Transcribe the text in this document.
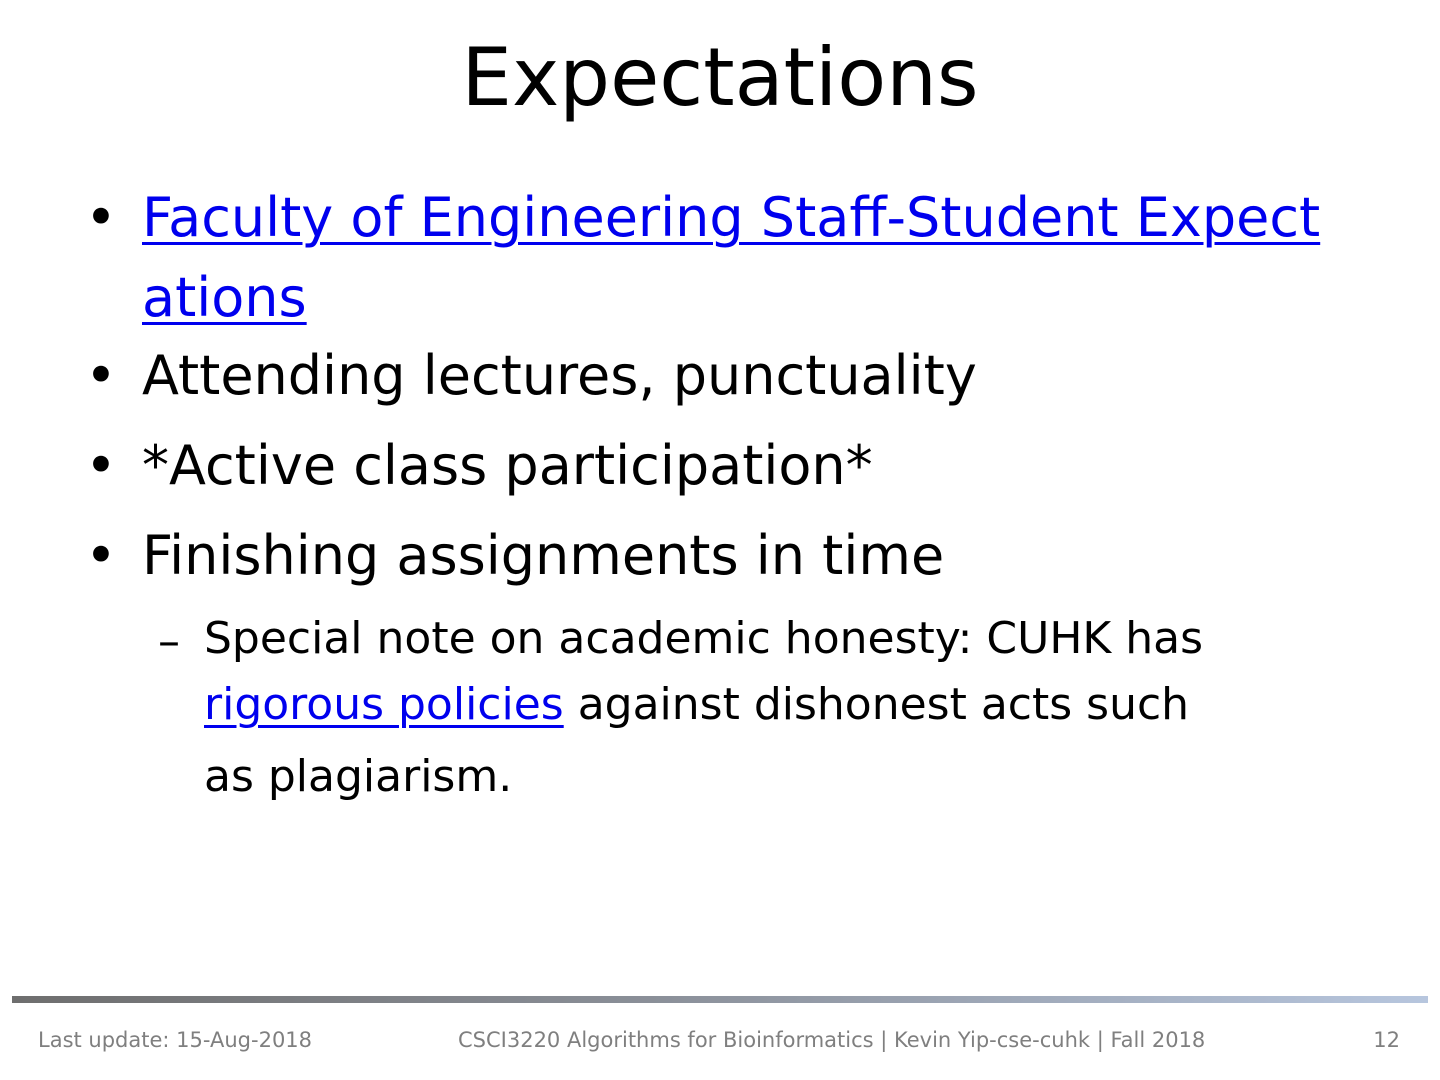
Expectations
• Faculty of Engineering Staff-Student Expect
ations
• Attending lectures, punctuality
• *Active class participation*
• Finishing assignments in time
– Special note on academic honesty: CUHK has
rigorous policies against dishonest acts such
as plagiarism.
Last update: 15-Aug-2018	CSCI3220 Algorithms for Bioinformatics | Kevin Yip-cse-cuhk | Fall 2018	12
